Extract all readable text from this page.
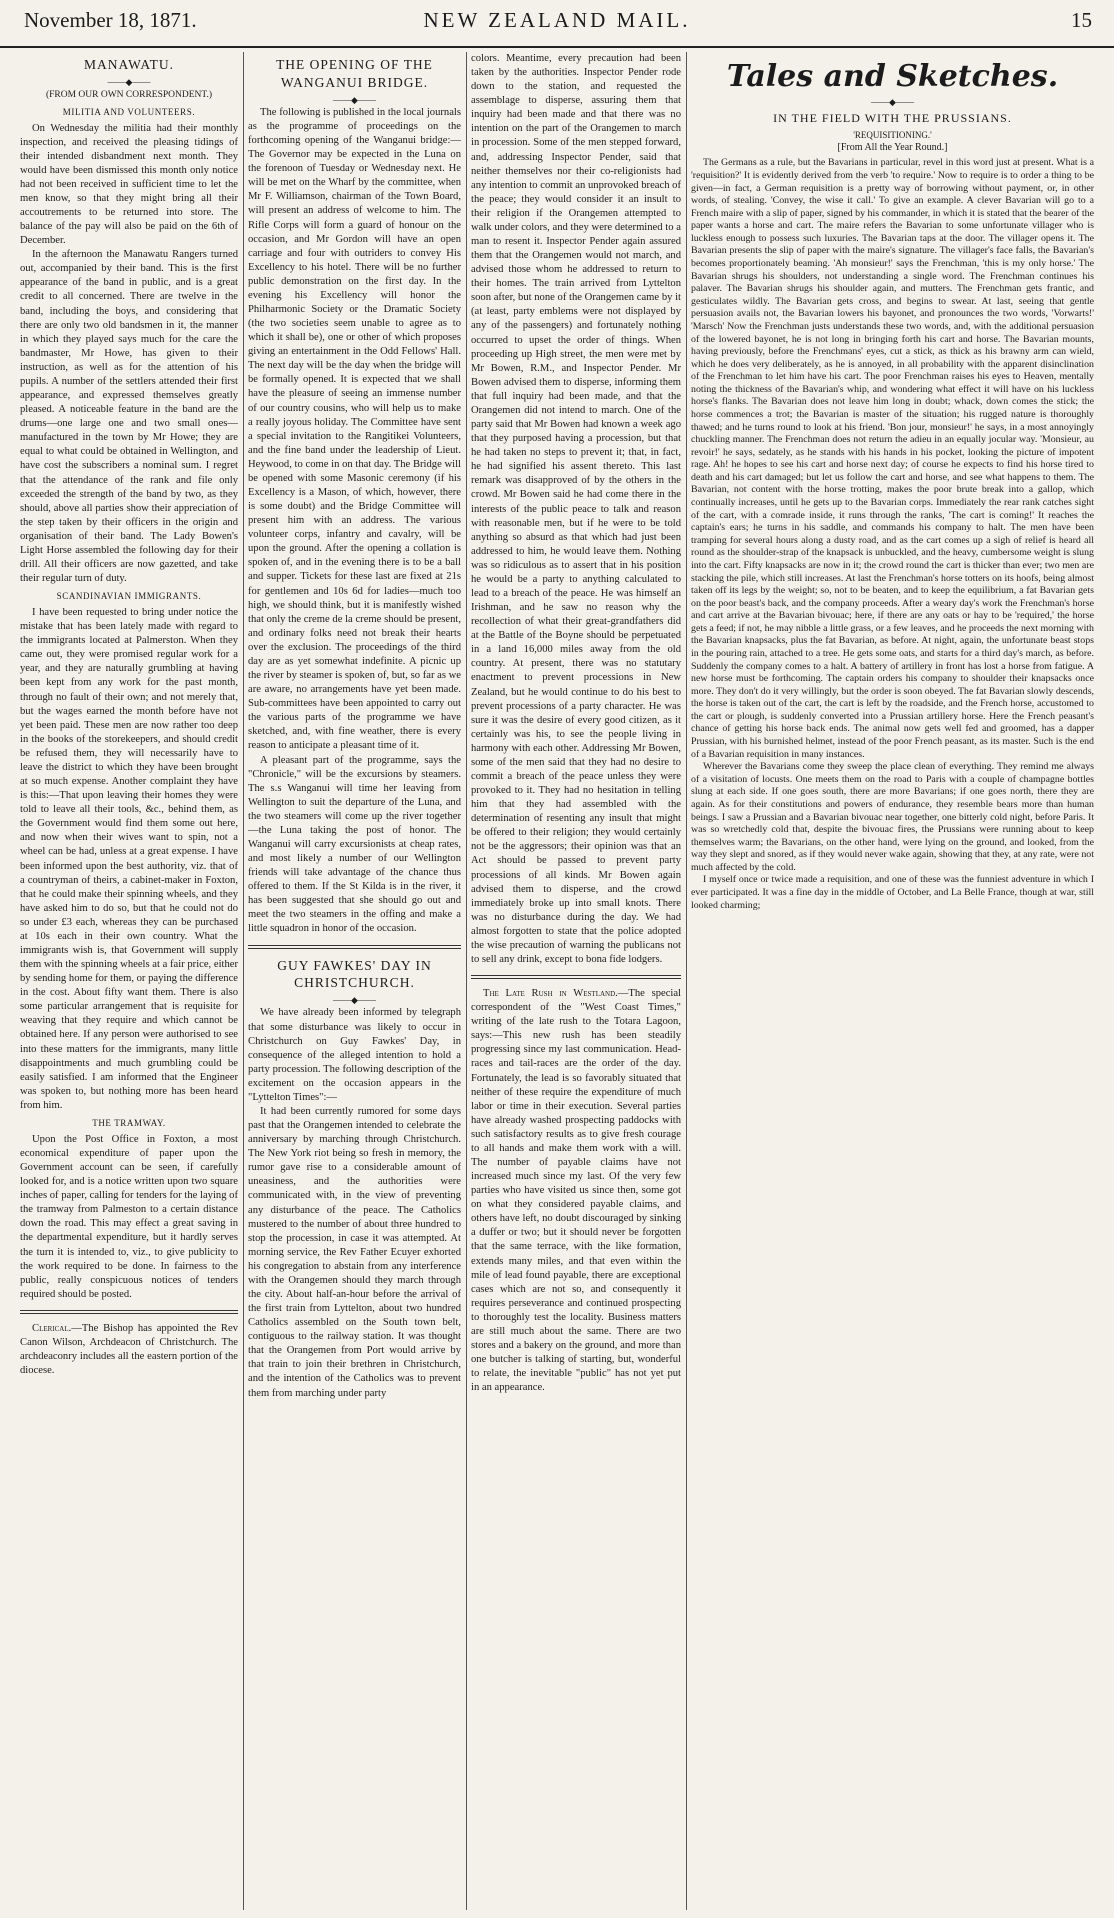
November 18, 1871.	NEW ZEALAND MAIL.	15
MANAWATU.
——◆——
(FROM OUR OWN CORRESPONDENT.)
MILITIA AND VOLUNTEERS.

On Wednesday the militia had their monthly inspection, and received the pleasing tidings of their intended disbandment next month. They would have been dismissed this month only notice had not been received in sufficient time to let the men know, so that they might bring all their accoutrements to be returned into store. The balance of the pay will also be paid on the 6th of December.

In the afternoon the Manawatu Rangers turned out, accompanied by their band. This is the first appearance of the band in public, and is a great credit to all concerned. There are twelve in the band, including the boys, and considering that there are only two old bandsmen in it, the manner in which they played says much for the care the bandmaster, Mr Howe, has given to their instruction, as well as for the attention of his pupils. A number of the settlers attended their first appearance, and expressed themselves greatly pleased. A noticeable feature in the band are the drums—one large one and two small ones—manufactured in the town by Mr Howe; they are equal to what could be obtained in Wellington, and have cost the subscribers a nominal sum. I regret that the attendance of the rank and file only exceeded the strength of the band by two, as they should, above all parties show their appreciation of the step taken by their officers in the origin and organisation of their band. The Lady Bowen's Light Horse assembled the following day for their drill. All their officers are now gazetted, and take their regular turn of duty.

SCANDINAVIAN IMMIGRANTS.

I have been requested to bring under notice the mistake that has been lately made with regard to the immigrants located at Palmerston. When they came out, they were promised regular work for a year, and they are naturally grumbling at having been kept from any work for the past month, through no fault of their own; and not merely that, but the wages earned the month before have not yet been paid. These men are now rather too deep in the books of the storekeepers, and should credit be refused them, they will necessarily have to leave the district to which they have been brought at so much expense. Another complaint they have is this:—That upon leaving their homes they were told to leave all their tools, &c., behind them, as the Government would find them some out here, and now when their wives want to spin, not a wheel can be had, unless at a great expense. I have been informed upon the best authority, viz. that of a countryman of theirs, a cabinet-maker in Foxton, that he could make their spinning wheels, and they have asked him to do so, but that he could not do so under £3 each, whereas they can be purchased at 10s each in their own country. What the immigrants wish is, that Government will supply them with the spinning wheels at a fair price, either by sending home for them, or paying the difference in the cost. About fifty want them. There is also some particular arrangement that is requisite for weaving that they require and which cannot be obtained here. If any person were authorised to see into these matters for the immigrants, many little disappointments and much grumbling could be easily satisfied. I am informed that the Engineer was spoken to, but nothing more has been heard from him.

THE TRAMWAY.

Upon the Post Office in Foxton, a most economical expenditure of paper upon the Government account can be seen, if carefully looked for, and is a notice written upon two square inches of paper, calling for tenders for the laying of the tramway from Palmeston to a certain distance down the road. This may effect a great saving in the departmental expenditure, but it hardly serves the turn it is intended to, viz., to give publicity to the work required to be done. In fairness to the public, really conspicuous notices of tenders required should be posted.

Clerical.—The Bishop has appointed the Rev Canon Wilson, Archdeacon of Christchurch. The archdeaconry includes all the eastern portion of the diocese.

THE OPENING OF THE WANGANUI BRIDGE.
——◆——

The following is published in the local journals as the programme of proceedings on the forthcoming opening of the Wanganui bridge:—The Governor may be expected in the Luna on the forenoon of Tuesday or Wednesday next. He will be met on the Wharf by the committee, when Mr F. Williamson, chairman of the Town Board, will present an address of welcome to him. The Rifle Corps will form a guard of honour on the occasion, and Mr Gordon will have an open carriage and four with outriders to convey His Excellency to his hotel. There will be no further public demonstration on the first day. In the evening his Excellency will honor the Philharmonic Society or the Dramatic Society (the two societies seem unable to agree as to which it shall be), one or other of which proposes giving an entertainment in the Odd Fellows' Hall. The next day will be the day when the bridge will be formally opened. It is expected that we shall have the pleasure of seeing an immense number of our country cousins, who will help us to make a really joyous holiday. The Committee have sent a special invitation to the Rangitikei Volunteers, and the fine band under the leadership of Lieut. Heywood, to come in on that day. The Bridge will be opened with some Masonic ceremony (if his Excellency is a Mason, of which, however, there is some doubt) and the Bridge Committee will present him with an address. The various volunteer corps, infantry and cavalry, will be upon the ground. After the opening a collation is spoken of, and in the evening there is to be a ball and supper. Tickets for these last are fixed at 21s for gentlemen and 10s 6d for ladies—much too high, we should think, but it is manifestly wished that only the creme de la creme should be present, and ordinary folks need not break their hearts over the exclusion. The proceedings of the third day are as yet somewhat indefinite. A picnic up the river by steamer is spoken of, but, so far as we are aware, no arrangements have yet been made. Sub-committees have been appointed to carry out the various parts of the programme we have sketched, and, with fine weather, there is every reason to anticipate a pleasant time of it.

A pleasant part of the programme, says the "Chronicle," will be the excursions by steamers. The s.s Wanganui will time her leaving from Wellington to suit the departure of the Luna, and the two steamers will come up the river together—the Luna taking the post of honor. The Wanganui will carry excursionists at cheap rates, and most likely a number of our Wellington friends will take advantage of the chance thus offered to them. If the St Kilda is in the river, it has been suggested that she should go out and meet the two steamers in the offing and make a little squadron in honor of the occasion.

GUY FAWKES' DAY IN CHRISTCHURCH.
——◆——

We have already been informed by telegraph that some disturbance was likely to occur in Christchurch on Guy Fawkes' Day, in consequence of the alleged intention to hold a party procession. The following description of the excitement on the occasion appears in the "Lyttelton Times":—

It had been currently rumored for some days past that the Orangemen intended to celebrate the anniversary by marching through Christchurch. The New York riot being so fresh in memory, the rumor gave rise to a considerable amount of uneasiness, and the authorities were communicated with, in the view of preventing any disturbance of the peace. The Catholics mustered to the number of about three hundred to stop the procession, in case it was attempted. At morning service, the Rev Father Ecuyer exhorted his congregation to abstain from any interference with the Orangemen should they march through the city. About half-an-hour before the arrival of the first train from Lyttelton, about two hundred Catholics assembled on the South town belt, contiguous to the railway station. It was thought that the Orangemen from Port would arrive by that train to join their brethren in Christchurch, and the intention of the Catholics was to prevent them from marching under party

colors. Meantime, every precaution had been taken by the authorities. Inspector Pender rode down to the station, and requested the assemblage to disperse, assuring them that inquiry had been made and that there was no intention on the part of the Orangemen to march in procession. Some of the men stepped forward, and, addressing Inspector Pender, said that neither themselves nor their co-religionists had any intention to commit an unprovoked breach of the peace; they would consider it an insult to their religion if the Orangemen attempted to walk under colors, and they were determined to a man to resent it. Inspector Pender again assured them that the Orangemen would not march, and advised those whom he addressed to return to their homes. The train arrived from Lyttelton soon after, but none of the Orangemen came by it (at least, party emblems were not displayed by any of the passengers) and fortunately nothing occurred to upset the order of things. When proceeding up High street, the men were met by Mr Bowen, R.M., and Inspector Pender. Mr Bowen advised them to disperse, informing them that full inquiry had been made, and that the Orangemen did not intend to march. One of the party said that Mr Bowen had known a week ago that they purposed having a procession, but that he had taken no steps to prevent it; that, in fact, he had signified his assent thereto. This last remark was disapproved of by the others in the crowd. Mr Bowen said he had come there in the interests of the public peace to talk and reason with reasonable men, but if he were to be told anything so absurd as that which had just been addressed to him, he would leave them. Nothing was so ridiculous as to assert that in his position he would be a party to anything calculated to lead to a breach of the peace. He was himself an Irishman, and he saw no reason why the recollection of what their great-grandfathers did at the Battle of the Boyne should be perpetuated in a land 16,000 miles away from the old country. At present, there was no statutary enactment to prevent processions in New Zealand, but he would continue to do his best to prevent processions of a party character. He was sure it was the desire of every good citizen, as it certainly was his, to see the people living in harmony with each other. Addressing Mr Bowen, some of the men said that they had no desire to commit a breach of the peace unless they were provoked to it. They had no hesitation in telling him that they had assembled with the determination of resenting any insult that might be offered to their religion; they would certainly not be the aggressors; their opinion was that an Act should be passed to prevent party processions of all kinds. Mr Bowen again advised them to disperse, and the crowd immediately broke up into small knots. There was no disturbance during the day. We had almost forgotten to state that the police adopted the wise precaution of warning the publicans not to sell any drink, except to bona fide lodgers.

The Late Rush in Westland.—The special correspondent of the "West Coast Times," writing of the late rush to the Totara Lagoon, says:—This new rush has been steadily progressing since my last communication. Head-races and tail-races are the order of the day. Fortunately, the lead is so favorably situated that neither of these require the expenditure of much labor or time in their execution. Several parties have already washed prospecting paddocks with such satisfactory results as to give fresh courage to all hands and make them work with a will. The number of payable claims have not increased much since my last. Of the very few parties who have visited us since then, some got on what they considered payable claims, and others have left, no doubt discouraged by sinking a duffer or two; but it should never be forgotten that the same terrace, with the like formation, extends many miles, and that even within the mile of lead found payable, there are exceptional cases which are not so, and consequently it requires perseverance and continued prospecting to thoroughly test the locality. Business matters are still much about the same. There are two stores and a bakery on the ground, and more than one butcher is talking of starting, but, wonderful to relate, the inevitable "public" has not yet put in an appearance.

Tales and Sketches.
——◆——
IN THE FIELD WITH THE PRUSSIANS.
'REQUISITIONING.'
[From All the Year Round.]

The Germans as a rule, but the Bavarians in particular, revel in this word just at present. What is a 'requisition?' It is evidently derived from the verb 'to require.' Now to require is to order a thing to be given—in fact, a German requisition is a pretty way of borrowing without payment, or, in other words, of stealing. 'Convey, the wise it call.' To give an example. A clever Bavarian will go to a French maire with a slip of paper, signed by his commander, in which it is stated that the bearer of the paper wants a horse and cart. The maire refers the Bavarian to some unfortunate villager who is luckless enough to possess such luxuries. The Bavarian taps at the door. The villager opens it. The Bavarian presents the slip of paper with the maire's signature. The villager's face falls, the Bavarian's becomes proportionately beaming. 'Ah monsieur!' says the Frenchman, 'this is my only horse.' The Bavarian shrugs his shoulders, not understanding a single word. The Frenchman continues his palaver. The Bavarian shrugs his shoulder again, and mutters. The Frenchman gets frantic, and gesticulates wildly. The Bavarian gets cross, and begins to swear. At last, seeing that gentle persuasion avails not, the Bavarian lowers his bayonet, and pronounces the two words, 'Vorwarts!' 'Marsch' Now the Frenchman justs understands these two words, and, with the additional persuasion of the lowered bayonet, he is not long in bringing forth his cart and horse. The Bavarian mounts, having previously, before the Frenchmans' eyes, cut a stick, as thick as his brawny arm can wield, which he does very deliberately, as he is annoyed, in all probability with the apparent disinclination of the Frenchman to let him have his cart. The poor Frenchman raises his eyes to Heaven, mentally noting the thickness of the Bavarian's whip, and wondering what effect it will have on his luckless horse's flanks. The Bavarian does not leave him long in doubt; whack, down comes the stick; the horse commences a trot; the Bavarian is master of the situation; his rugged nature is thoroughly thawed; and he turns round to look at his friend. 'Bon jour, monsieur!' he says, in a most annoyingly chuckling manner. The Frenchman does not return the adieu in an equally jocular way. 'Monsieur, au revoir!' he says, sedately, as he stands with his hands in his pocket, looking the picture of impotent rage. Ah! he hopes to see his cart and horse next day; of course he expects to find his horse tired to death and his cart damaged; but let us follow the cart and horse, and see what happens to them. The Bavarian, not content with the horse trotting, makes the poor brute break into a gallop, which continually increases, until he gets up to the Bavarian corps. Immediately the rear rank catches sight of the cart, with a comrade inside, it runs through the ranks, 'The cart is coming!' It reaches the captain's ears; he turns in his saddle, and commands his company to halt. The men have been tramping for several hours along a dusty road, and as the cart comes up a sigh of relief is heard all round as the shoulder-strap of the knapsack is unbuckled, and the heavy, cumbersome weight is slung into the cart. Fifty knapsacks are now in it; the crowd round the cart is thicker than ever; two men are stacking the pile, which still increases. At last the Frenchman's horse totters on its hoofs, being almost taken off its legs by the weight; so, not to be beaten, and to keep the equilibrium, a fat Bavarian gets on the poor beast's back, and the company proceeds. After a weary day's work the Frenchman's horse and cart arrive at the Bavarian bivouac; here, if there are any oats or hay to be 'required,' the horse gets a feed; if not, he may nibble a little grass, or a few leaves, and he proceeds the next morning with the Bavarian knapsacks, plus the fat Bavarian, as before. At night, again, the unfortunate beast stops in the pouring rain, attached to a tree. He gets some oats, and starts for a third day's march, as before. Suddenly the company comes to a halt. A battery of artillery in front has lost a horse from fatigue. A new horse must be forthcoming. The captain orders his company to shoulder their knapsacks once more. They don't do it very willingly, but the order is soon obeyed. The fat Bavarian slowly descends, the horse is taken out of the cart, the cart is left by the roadside, and the French horse, accustomed to the cart or plough, is suddenly converted into a Prussian artillery horse. Here the French peasant's chance of getting his horse back ends. The animal now gets well fed and groomed, has a dapper Prussian, with his burnished helmet, instead of the poor French peasant, as its master. Such is the end of a Bavarian requisition in many instances.

Wherever the Bavarians come they sweep the place clean of everything. They remind me always of a visitation of locusts. One meets them on the road to Paris with a couple of champagne bottles slung at each side. If one goes south, there are more Bavarians; if one goes north, there they are again. As for their constitutions and powers of endurance, they resemble bears more than human beings. I saw a Prussian and a Bavarian bivouac near together, one bitterly cold night, before Paris. It was so wretchedly cold that, despite the bivouac fires, the Prussians were running about to keep themselves warm; the Bavarians, on the other hand, were lying on the ground, and looked, from the way they slept and snored, as if they would never wake again, showing that they, at any rate, were not much affected by the cold.

I myself once or twice made a requisition, and one of these was the funniest adventure in which I ever participated. It was a fine day in the middle of October, and La Belle France, though at war, still looked charming;
